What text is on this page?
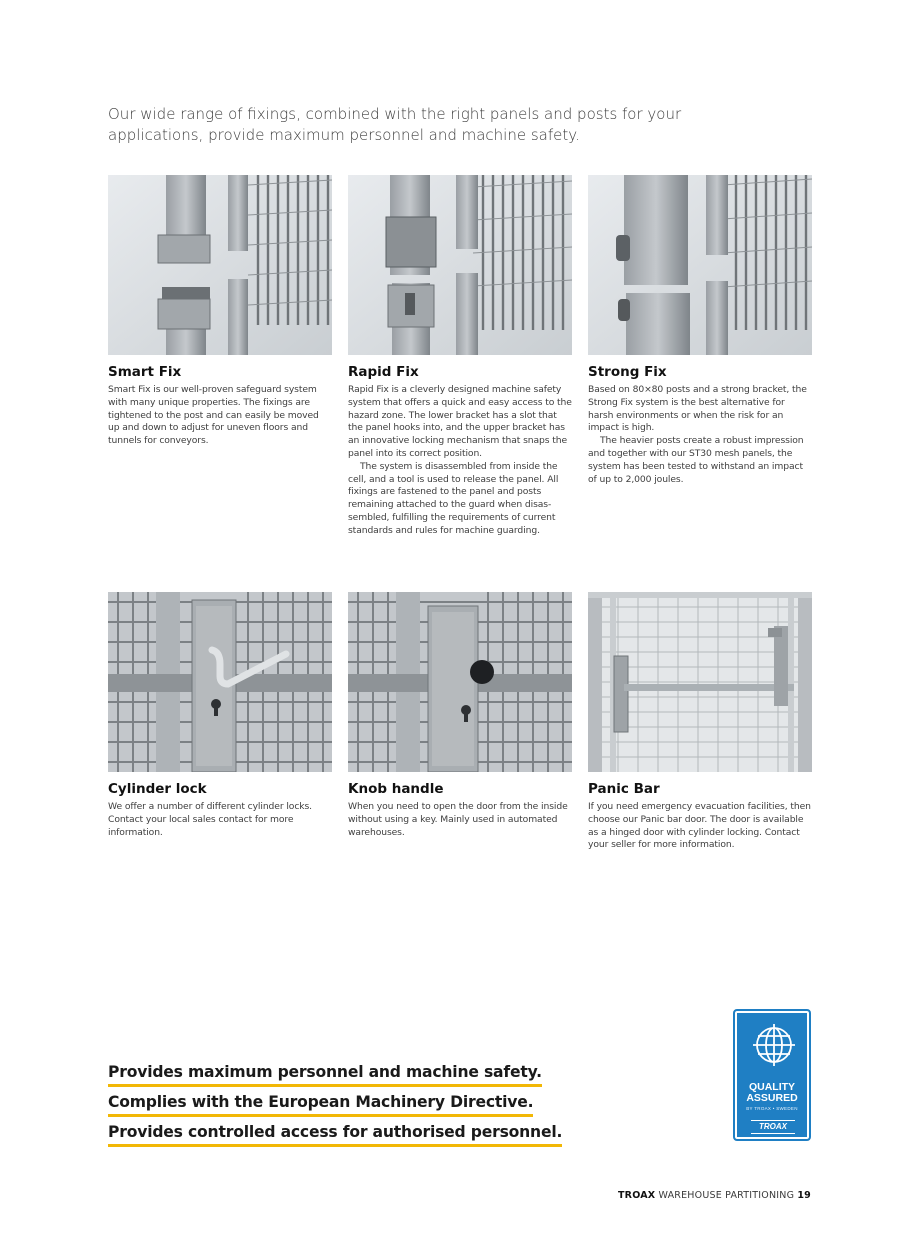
Our wide range of fixings, combined with the right panels and posts for your applications, provide maximum personnel and machine safety.

Smart Fix

Smart Fix is our well-proven safeguard system with many unique properties. The fixings are tightened to the post and can easily be moved up and down to adjust for uneven floors and tunnels for conveyors.

Rapid Fix

Rapid Fix is a cleverly designed machine safety system that offers a quick and easy access to the hazard zone. The lower bracket has a slot that the panel hooks into, and the upper bracket has an innovative locking mechanism that snaps the panel into its correct position.

The system is disassembled from inside the cell, and a tool is used to release the panel. All fixings are fastened to the panel and posts remaining attached to the guard when disassembled, fulfilling the requirements of current standards and rules for machine guarding.

Strong Fix

Based on 80×80 posts and a strong bracket, the Strong Fix system is the best alternative for harsh environments or when the risk for an impact is high.

The heavier posts create a robust impression and together with our ST30 mesh panels, the system has been tested to withstand an impact of up to 2,000 joules.

Cylinder lock

We offer a number of different cylinder locks. Contact your local sales contact for more information.

Knob handle

When you need to open the door from the inside without using a key. Mainly used in automated warehouses.

Panic Bar

If you need emergency evacuation facilities, then choose our Panic bar door. The door is available as a hinged door with cylinder locking. Contact your seller for more information.

Provides maximum personnel and machine safety.
Complies with the European Machinery Directive.
Provides controlled access for authorised personnel.
QUALITY
ASSURED
BY TROAX • SWEDEN
TROAX
TROAX WAREHOUSE PARTITIONING 19
